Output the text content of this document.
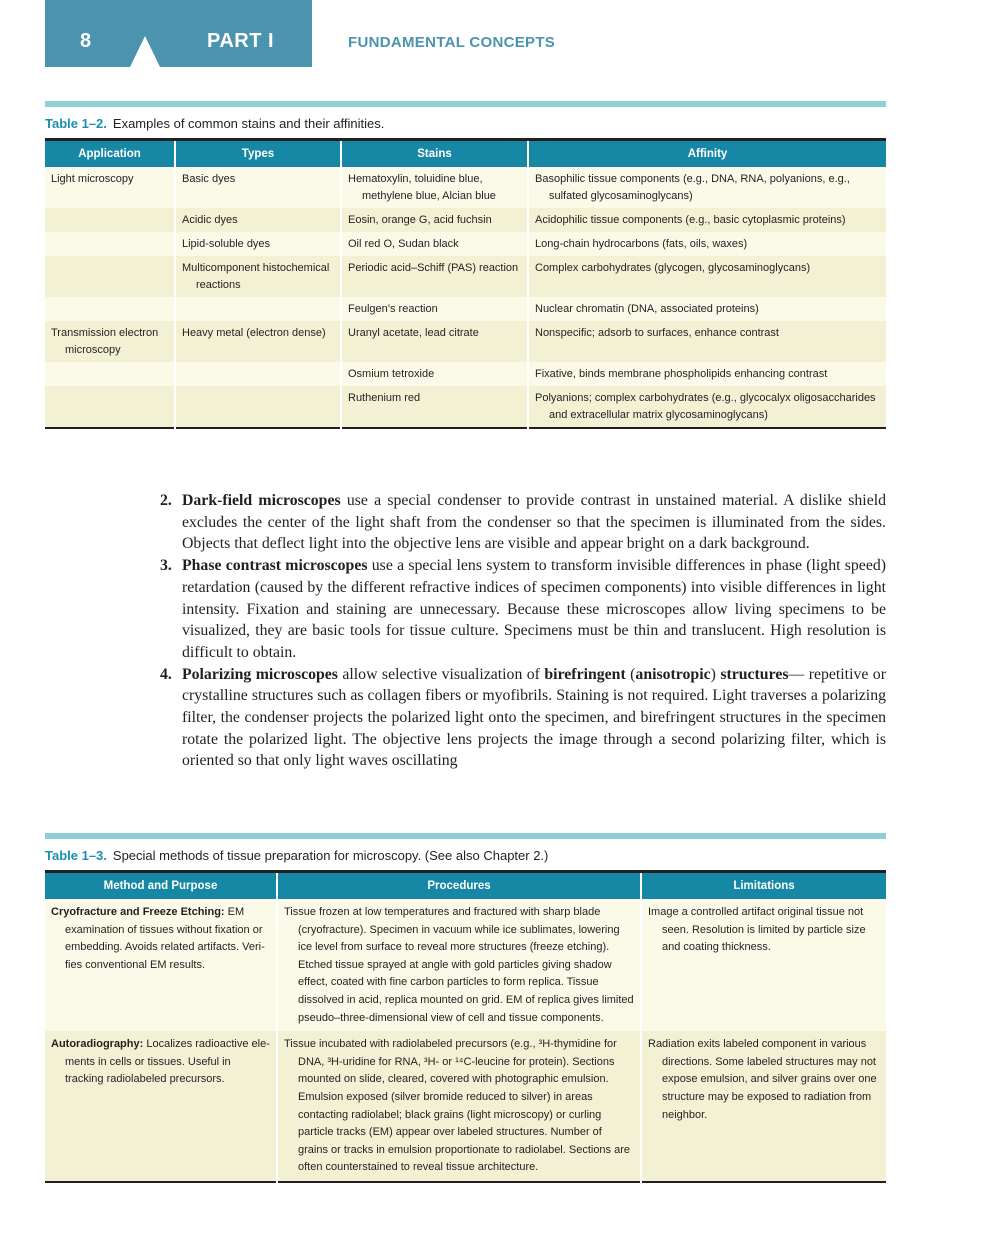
8	PART I	FUNDAMENTAL CONCEPTS
Table 1–2. Examples of common stains and their affinities.
Application	Types	Stains	Affinity
Light microscopy	Basic dyes	Hematoxylin, toluidine blue, methylene blue, Alcian blue	Basophilic tissue components (e.g., DNA, RNA, polyanions, e.g., sulfated glycosaminoglycans)
	Acidic dyes	Eosin, orange G, acid fuchsin	Acidophilic tissue components (e.g., basic cytoplasmic proteins)
	Lipid-soluble dyes	Oil red O, Sudan black	Long-chain hydrocarbons (fats, oils, waxes)
	Multicomponent histochemical reactions	Periodic acid–Schiff (PAS) reaction	Complex carbohydrates (glycogen, glycosaminoglycans)
		Feulgen’s reaction	Nuclear chromatin (DNA, associated proteins)
Transmission electron microscopy	Heavy metal (electron dense)	Uranyl acetate, lead citrate	Nonspecific; adsorb to surfaces, enhance contrast
		Osmium tetroxide	Fixative, binds membrane phospholipids enhancing contrast
		Ruthenium red	Polyanions; complex carbohydrates (e.g., glycocalyx oligosaccharides and extracellular matrix glycosaminoglycans)
2. Dark-field microscopes use a special condenser to provide contrast in unstained material. A dislike shield excludes the center of the light shaft from the condenser so that the specimen is illuminated from the sides. Objects that deflect light into the objective lens are visible and appear bright on a dark background.
3. Phase contrast microscopes use a special lens system to transform invisible differences in phase (light speed) retardation (caused by the different refractive indices of specimen components) into visible differences in light intensity. Fixation and staining are unnecessary. Because these microscopes allow living specimens to be visualized, they are basic tools for tissue culture. Specimens must be thin and translucent. High resolution is difficult to obtain.
4. Polarizing microscopes allow selective visualization of birefringent (anisotropic) structures— repetitive or crystalline structures such as collagen fibers or myofibrils. Staining is not required. Light traverses a polarizing filter, the condenser projects the polarized light onto the specimen, and birefringent structures in the specimen rotate the polarized light. The objective lens projects the image through a second polarizing filter, which is oriented so that only light waves oscillating
Table 1–3. Special methods of tissue preparation for microscopy. (See also Chapter 2.)
Method and Purpose	Procedures	Limitations
Cryofracture and Freeze Etching: EM examination of tissues without fixation or embedding. Avoids related artifacts. Verifies conventional EM results.	Tissue frozen at low temperatures and fractured with sharp blade (cryofracture). Specimen in vacuum while ice sublimates, lowering ice level from surface to reveal more structures (freeze etching). Etched tissue sprayed at angle with gold particles giving shadow effect, coated with fine carbon particles to form replica. Tissue dissolved in acid, replica mounted on grid. EM of replica gives limited pseudo–three-dimensional view of cell and tissue components.	Image a controlled artifact original tissue not seen. Resolution is limited by particle size and coating thickness.
Autoradiography: Localizes radioactive elements in cells or tissues. Useful in tracking radiolabeled precursors.	Tissue incubated with radiolabeled precursors (e.g., ³H-thymidine for DNA, ³H-uridine for RNA, ³H- or ¹⁴C-leucine for protein). Sections mounted on slide, cleared, covered with photographic emulsion. Emulsion exposed (silver bromide reduced to silver) in areas contacting radiolabel; black grains (light microscopy) or curling particle tracks (EM) appear over labeled structures. Number of grains or tracks in emulsion proportionate to radiolabel. Sections are often counterstained to reveal tissue architecture.	Radiation exits labeled component in various directions. Some labeled structures may not expose emulsion, and silver grains over one structure may be exposed to radiation from neighbor.
